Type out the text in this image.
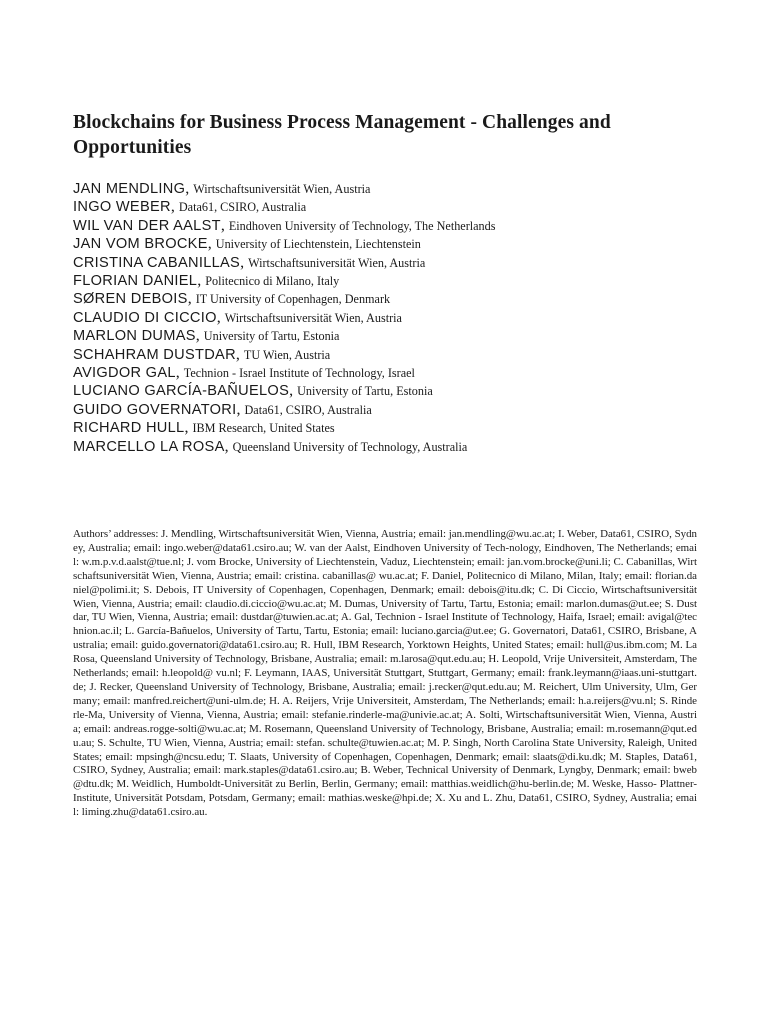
Blockchains for Business Process Management - Challenges and Opportunities
JAN MENDLING, Wirtschaftsuniversität Wien, Austria
INGO WEBER, Data61, CSIRO, Australia
WIL VAN DER AALST, Eindhoven University of Technology, The Netherlands
JAN VOM BROCKE, University of Liechtenstein, Liechtenstein
CRISTINA CABANILLAS, Wirtschaftsuniversität Wien, Austria
FLORIAN DANIEL, Politecnico di Milano, Italy
SØREN DEBOIS, IT University of Copenhagen, Denmark
CLAUDIO DI CICCIO, Wirtschaftsuniversität Wien, Austria
MARLON DUMAS, University of Tartu, Estonia
SCHAHRAM DUSTDAR, TU Wien, Austria
AVIGDOR GAL, Technion - Israel Institute of Technology, Israel
LUCIANO GARCÍA-BAÑUELOS, University of Tartu, Estonia
GUIDO GOVERNATORI, Data61, CSIRO, Australia
RICHARD HULL, IBM Research, United States
MARCELLO LA ROSA, Queensland University of Technology, Australia

Authors’ addresses: J. Mendling, Wirtschaftsuniversität Wien, Vienna, Austria; email: jan.mendling@wu.ac.at; I. Weber, Data61, CSIRO, Sydney, Australia; email: ingo.weber@data61.csiro.au; W. van der Aalst, Eindhoven University of Tech-nology, Eindhoven, The Netherlands; email: w.m.p.v.d.aalst@tue.nl; J. vom Brocke, University of Liechtenstein, Vaduz, Liechtenstein; email: jan.vom.brocke@uni.li; C. Cabanillas, Wirtschaftsuniversität Wien, Vienna, Austria; email: cristina. cabanillas@ wu.ac.at; F. Daniel, Politecnico di Milano, Milan, Italy; email: florian.daniel@polimi.it; S. Debois, IT University of Copenhagen, Copenhagen, Denmark; email: debois@itu.dk; C. Di Ciccio, Wirtschaftsuniversität Wien, Vienna, Austria; email: claudio.di.ciccio@wu.ac.at; M. Dumas, University of Tartu, Tartu, Estonia; email: marlon.dumas@ut.ee; S. Dustdar, TU Wien, Vienna, Austria; email: dustdar@tuwien.ac.at; A. Gal, Technion - Israel Institute of Technology, Haifa, Israel; email: avigal@technion.ac.il; L. García-Bañuelos, University of Tartu, Tartu, Estonia; email: luciano.garcia@ut.ee; G. Governatori, Data61, CSIRO, Brisbane, Australia; email: guido.governatori@data61.csiro.au; R. Hull, IBM Research, Yorktown Heights, United States; email: hull@us.ibm.com; M. La Rosa, Queensland University of Technology, Brisbane, Australia; email: m.larosa@qut.edu.au; H. Leopold, Vrije Universiteit, Amsterdam, The Netherlands; email: h.leopold@ vu.nl; F. Leymann, IAAS, Universität Stuttgart, Stuttgart, Germany; email: frank.leymann@iaas.uni-stuttgart.de; J. Recker, Queensland University of Technology, Brisbane, Australia; email: j.recker@qut.edu.au; M. Reichert, Ulm University, Ulm, Germany; email: manfred.reichert@uni-ulm.de; H. A. Reijers, Vrije Universiteit, Amsterdam, The Netherlands; email: h.a.reijers@vu.nl; S. Rinderle-Ma, University of Vienna, Vienna, Austria; email: stefanie.rinderle-ma@univie.ac.at; A. Solti, Wirtschaftsuniversität Wien, Vienna, Austria; email: andreas.rogge-solti@wu.ac.at; M. Rosemann, Queensland University of Technology, Brisbane, Australia; email: m.rosemann@qut.edu.au; S. Schulte, TU Wien, Vienna, Austria; email: stefan. schulte@tuwien.ac.at; M. P. Singh, North Carolina State University, Raleigh, United States; email: mpsingh@ncsu.edu; T. Slaats, University of Copenhagen, Copenhagen, Denmark; email: slaats@di.ku.dk; M. Staples, Data61, CSIRO, Sydney, Australia; email: mark.staples@data61.csiro.au; B. Weber, Technical University of Denmark, Lyngby, Denmark; email: bweb@dtu.dk; M. Weidlich, Humboldt-Universität zu Berlin, Berlin, Germany; email: matthias.weidlich@hu-berlin.de; M. Weske, Hasso- Plattner-Institute, Universität Potsdam, Potsdam, Germany; email: mathias.weske@hpi.de; X. Xu and L. Zhu, Data61, CSIRO, Sydney, Australia; email: liming.zhu@data61.csiro.au.
